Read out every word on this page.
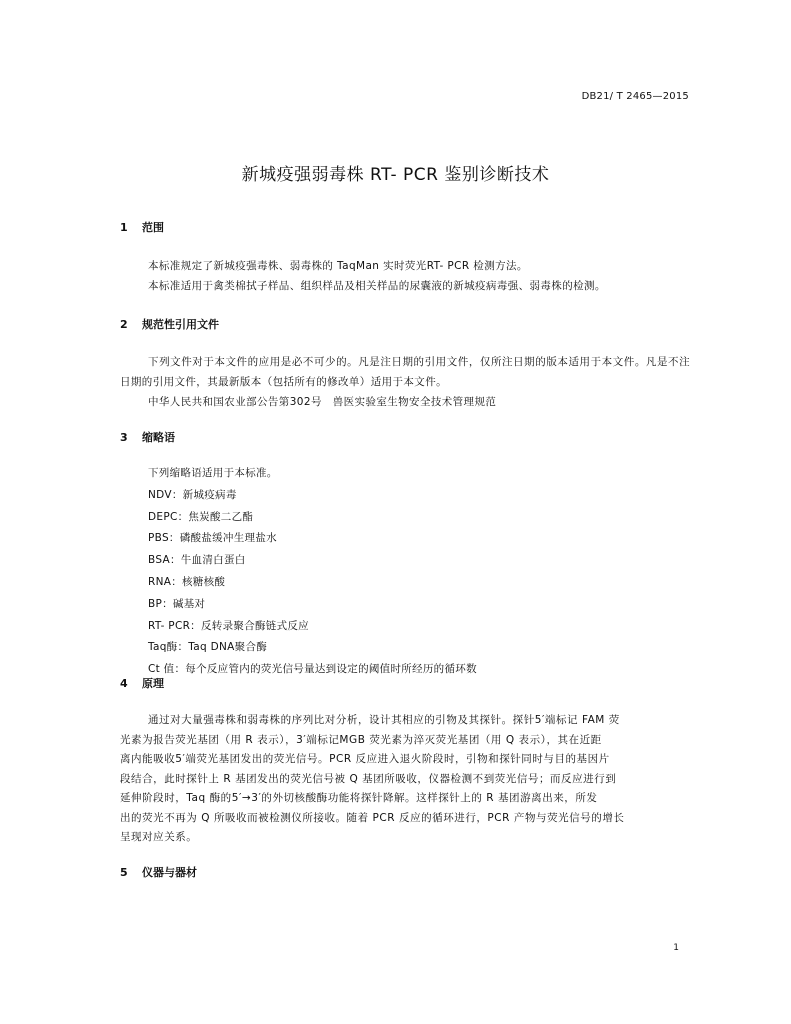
DB21/ T 2465—2015
新城疫强弱毒株 RT- PCR 鉴别诊断技术
1 范围
本标准规定了新城疫强毒株、弱毒株的 TaqMan 实时荧光RT- PCR 检测方法。
本标准适用于禽类棉拭子样品、组织样品及相关样品的尿囊液的新城疫病毒强、弱毒株的检测。
2 规范性引用文件
下列文件对于本文件的应用是必不可少的。凡是注日期的引用文件，仅所注日期的版本适用于本文件。凡是不注日期的引用文件，其最新版本（包括所有的修改单）适用于本文件。
中华人民共和国农业部公告第302号　兽医实验室生物安全技术管理规范
3 缩略语
下列缩略语适用于本标准。
NDV：新城疫病毒
DEPC：焦炭酸二乙酯
PBS：磷酸盐缓冲生理盐水
BSA：牛血清白蛋白
RNA：核糖核酸
BP：碱基对
RT- PCR：反转录聚合酶链式反应
Taq酶：Taq DNA聚合酶
Ct 值：每个反应管内的荧光信号量达到设定的阈值时所经历的循环数
4 原理
通过对大量强毒株和弱毒株的序列比对分析，设计其相应的引物及其探针。探针5′端标记 FAM 荧
光素为报告荧光基团（用 R 表示），3′端标记MGB 荧光素为淬灭荧光基团（用 Q 表示），其在近距
离内能吸收5′端荧光基团发出的荧光信号。PCR 反应进入退火阶段时，引物和探针同时与目的基因片
段结合，此时探针上 R 基团发出的荧光信号被 Q 基团所吸收，仪器检测不到荧光信号；而反应进行到
延伸阶段时，Taq 酶的5′→3′的外切核酸酶功能将探针降解。这样探针上的 R 基团游离出来，所发
出的荧光不再为 Q 所吸收而被检测仪所接收。随着 PCR 反应的循环进行，PCR 产物与荧光信号的增长
呈现对应关系。
5 仪器与器材
1
